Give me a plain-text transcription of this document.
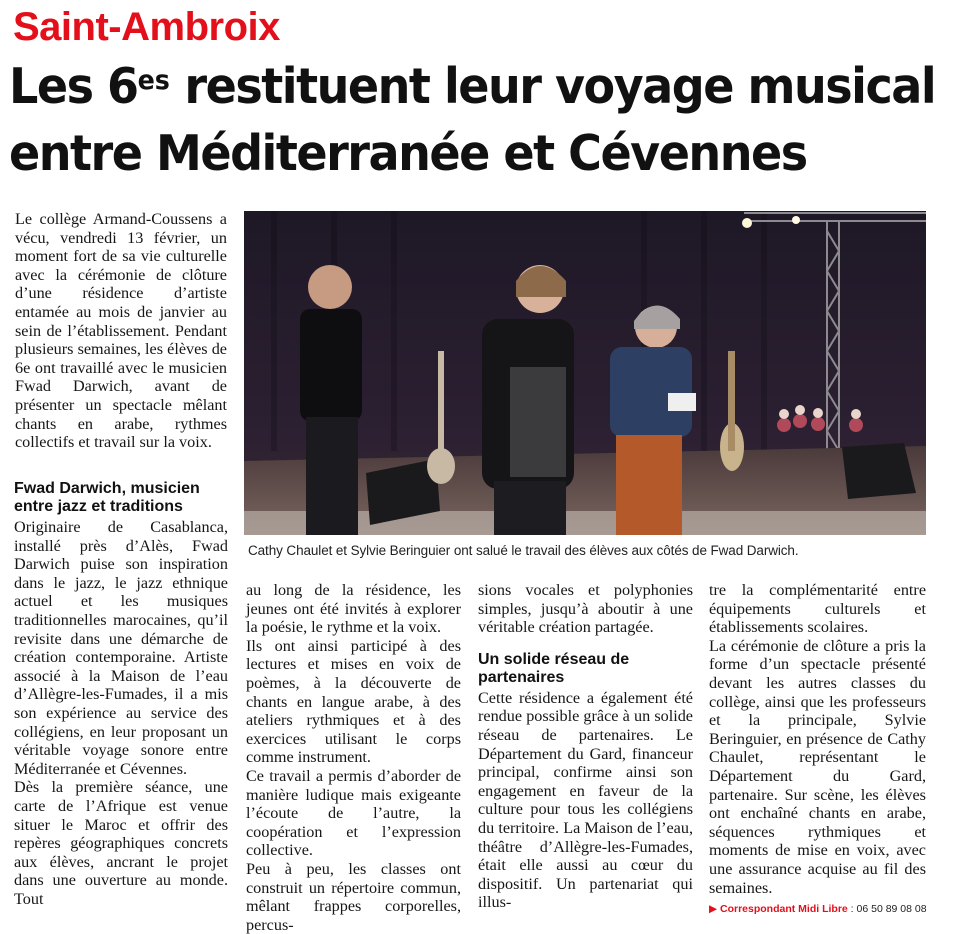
Saint-Ambroix
Les $6^{es}$ restituent leur voyage musical
entre Méditerranée et Cévennes

Le collège Armand-Coussens a vécu, vendredi 13 février, un moment fort de sa vie culturelle avec la cérémonie de clôture d’une résidence d’artiste entamée au mois de janvier au sein de l’établissement. Pendant plusieurs semaines, les élèves de 6e ont travaillé avec le musicien Fwad Darwich, avant de présenter un spectacle mêlant chants en arabe, rythmes collectifs et travail sur la voix.

Cathy Chaulet et Sylvie Beringuier ont salué le travail des élèves aux côtés de Fwad Darwich.
Fwad Darwich, musicien entre jazz et traditions

Originaire de Casablanca, installé près d’Alès, Fwad Darwich puise son inspiration dans le jazz, le jazz ethnique actuel et les musiques traditionnelles marocaines, qu’il revisite dans une démarche de création contemporaine. Artiste associé à la Maison de l’eau d’Allègre-les-Fumades, il a mis son expérience au service des collégiens, en leur proposant un véritable voyage sonore entre Méditerranée et Cévennes.

Dès la première séance, une carte de l’Afrique est venue situer le Maroc et offrir des repères géographiques concrets aux élèves, ancrant le projet dans une ouverture au monde. Tout

au long de la résidence, les jeunes ont été invités à explorer la poésie, le rythme et la voix.

Ils ont ainsi participé à des lectures et mises en voix de poèmes, à la découverte de chants en langue arabe, à des ateliers rythmiques et à des exercices utilisant le corps comme instrument.

Ce travail a permis d’aborder de manière ludique mais exigeante l’écoute de l’autre, la coopération et l’expression collective.

Peu à peu, les classes ont construit un répertoire commun, mêlant frappes corporelles, percus-

sions vocales et polyphonies simples, jusqu’à aboutir à une véritable création partagée.

Un solide réseau de partenaires

Cette résidence a également été rendue possible grâce à un solide réseau de partenaires. Le Département du Gard, financeur principal, confirme ainsi son engagement en faveur de la culture pour tous les collégiens du territoire. La Maison de l’eau, théâtre d’Allègre-les-Fumades, était elle aussi au cœur du dispositif. Un partenariat qui illus-

tre la complémentarité entre équipements culturels et établissements scolaires.

La cérémonie de clôture a pris la forme d’un spectacle présenté devant les autres classes du collège, ainsi que les professeurs et la principale, Sylvie Beringuier, en présence de Cathy Chaulet, représentant le Département du Gard, partenaire. Sur scène, les élèves ont enchaîné chants en arabe, séquences rythmiques et moments de mise en voix, avec une assurance acquise au fil des semaines.

▶ Correspondant Midi Libre : 06 50 89 08 08
